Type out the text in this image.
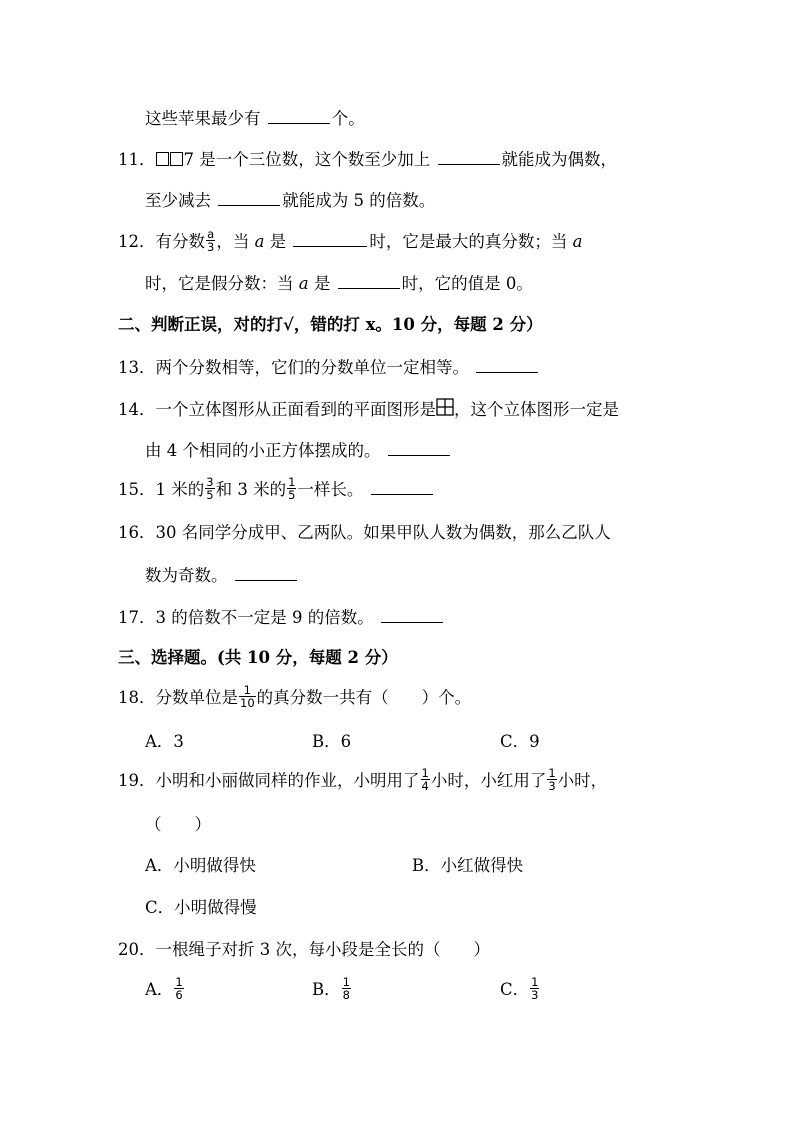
这些苹果最少有	个。
11． 7 是一个三位数，这个数至少加上	就能成为偶数，
至少减去	就能成为 5 的倍数。
12．有分数 $\frac{a}{3}$ ，当 a 是	时，它是最大的真分数；当 a
时，它是假分数：当 a 是	时，它的值是 0。
二、判断正误，对的打√，错的打 x。10 分，每题 2 分）
13．两个分数相等，它们的分数单位一定相等。
14．一个立体图形从正面看到的平面图形是 ，这个立体图形一定是
由 4 个相同的小正方体摆成的。
15．1 米的 $\frac{3}{5}$ 和 3 米的 $\frac{1}{5}$ 一样长。
16．30 名同学分成甲、乙两队。如果甲队人数为偶数，那么乙队人
数为奇数。
17．3 的倍数不一定是 9 的倍数。
三、选择题。(共 10 分，每题 2 分）
18．分数单位是 $\frac{1}{10}$ 的真分数一共有（　　）个。
A．3	B．6	C．9
19．小明和小丽做同样的作业，小明用了 $\frac{1}{4}$ 小时，小红用了 $\frac{1}{3}$ 小时，
（　　）
A．小明做得快	B．小红做得快
C．小明做得慢
20．一根绳子对折 3 次，每小段是全长的（　　）
A． $\frac{1}{6}$	B． $\frac{1}{8}$	C． $\frac{1}{3}$
